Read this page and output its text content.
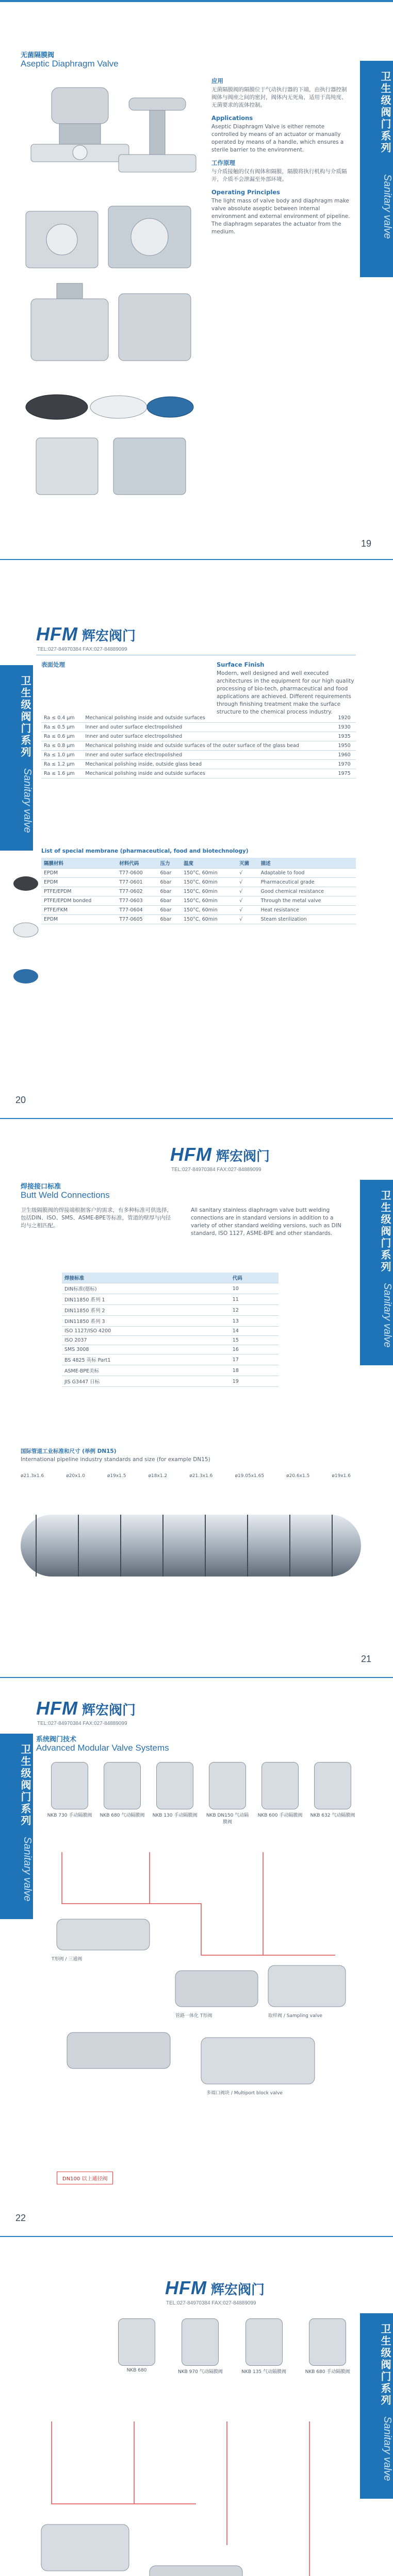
无菌隔膜阀
Aseptic Diaphragm Valve
卫生级阀门系列
Sanitary valve
应用
无菌隔膜阀的隔膜位于气动执行器的下端，由执行器控制阀体与阀座之间的密封，阀体内无死角，适用于高纯度、无菌要求的流体控制。
Applications
Aseptic Diaphragm Valve is either remote controlled by means of an actuator or manually operated by means of a handle, which ensures a sterile barrier to the environment.
工作原理
与介质接触的仅有阀体和隔膜，隔膜将执行机构与介质隔开，介质不会泄漏至外部环境。
Operating Principles
The light mass of valve body and diaphragm make valve absolute aseptic between internal environment and external environment of pipeline. The diaphragm separates the actuator from the medium.
19
HFM 辉宏阀门
TEL:027-84970384 FAX:027-84889099
卫生级阀门系列
Sanitary valve
表面处理	Surface Finish
Modern, well designed and well executed architectures in the equipment for our high quality processing of bio-tech, pharmaceutical and food applications are achieved. Different requirements through finishing treatment make the surface structure to the chemical process industry.
Ra ≤ 0.4 μm	Mechanical polishing inside and outside surfaces	1920
Ra ≤ 0.5 μm	Inner and outer surface electropolished	1930
Ra ≤ 0.6 μm	Inner and outer surface electropolished	1935
Ra ≤ 0.8 μm	Mechanical polishing inside and outside surfaces of the outer surface of the glass bead	1950
Ra ≤ 1.0 μm	Inner and outer surface electropolished	1960
Ra ≤ 1.2 μm	Mechanical polishing inside, outside glass bead	1970
Ra ≤ 1.6 μm	Mechanical polishing inside and outside surfaces	1975
List of special membrane (pharmaceutical, food and biotechnology)
隔膜材料	材料代码	压力	温度	灭菌	描述
EPDM	T77-0600	6bar	150°C, 60min	√	Adaptable to food
EPDM	T77-0601	6bar	150°C, 60min	√	Pharmaceutical grade
PTFE/EPDM	T77-0602	6bar	150°C, 60min	√	Good chemical resistance
PTFE/EPDM bonded	T77-0603	6bar	150°C, 60min	√	Through the metal valve
PTFE/FKM	T77-0604	6bar	150°C, 60min	√	Heat resistance
EPDM	T77-0605	6bar	150°C, 60min	√	Steam sterilization
20
HFM 辉宏阀门
TEL:027-84970384 FAX:027-84889099
焊接接口标准
Butt Weld Connections	卫生级阀门系列
Sanitary valve
卫生级隔膜阀的焊接端根据客户的需求，有多种标准可供选择，包括DIN、ISO、SMS、ASME-BPE等标准，管道的壁厚与内径均与之相匹配。
All sanitary stainless diaphragm valve butt welding connections are in standard versions in addition to a variety of other standard welding versions, such as DIN standard, ISO 1127, ASME-BPE and other standards.
焊接标准	代码
DIN标准(德标)	10
DIN11850 系列 1	11
DIN11850 系列 2	12
DIN11850 系列 3	13
ISO 1127/ISO 4200	14
ISO 2037	15
SMS 3008	16
BS 4825 英标 Part1	17
ASME-BPE美标	18
JIS G3447 日标	19
国际管道工业标准和尺寸 (举例 DN15)
International pipeline industry standards and size (for example DN15)
ø21.3x1.6	ø20x1.0	ø19x1.5	ø18x1.2	ø21.3x1.6	ø19.05x1.65	ø20.6x1.5	ø19x1.6
21
HFM 辉宏阀门
TEL:027-84970384 FAX:027-84889099
系统阀门技术
Advanced Modular Valve Systems
卫生级阀门系列
Sanitary valve
NKB 730 手动隔膜阀 NKB 680 气动隔膜阀 NKB 130 手动隔膜阀	NKB DN150 气动隔膜阀
NKB 600 手动隔膜阀 NKB 632 气动隔膜阀
T形阀 / 三通阀
管路一体化 T形阀	取样阀 / Sampling valve
多端口阀块 / Multiport block valve
DN100 以上通径阀
22
HFM 辉宏阀门
TEL:027-84970384 FAX:027-84889099
卫生级阀门系列
Sanitary valve
NKB 680	NKB 970 气动隔膜阀	NKB 135 气动隔膜阀	NKB 680 手动隔膜阀
